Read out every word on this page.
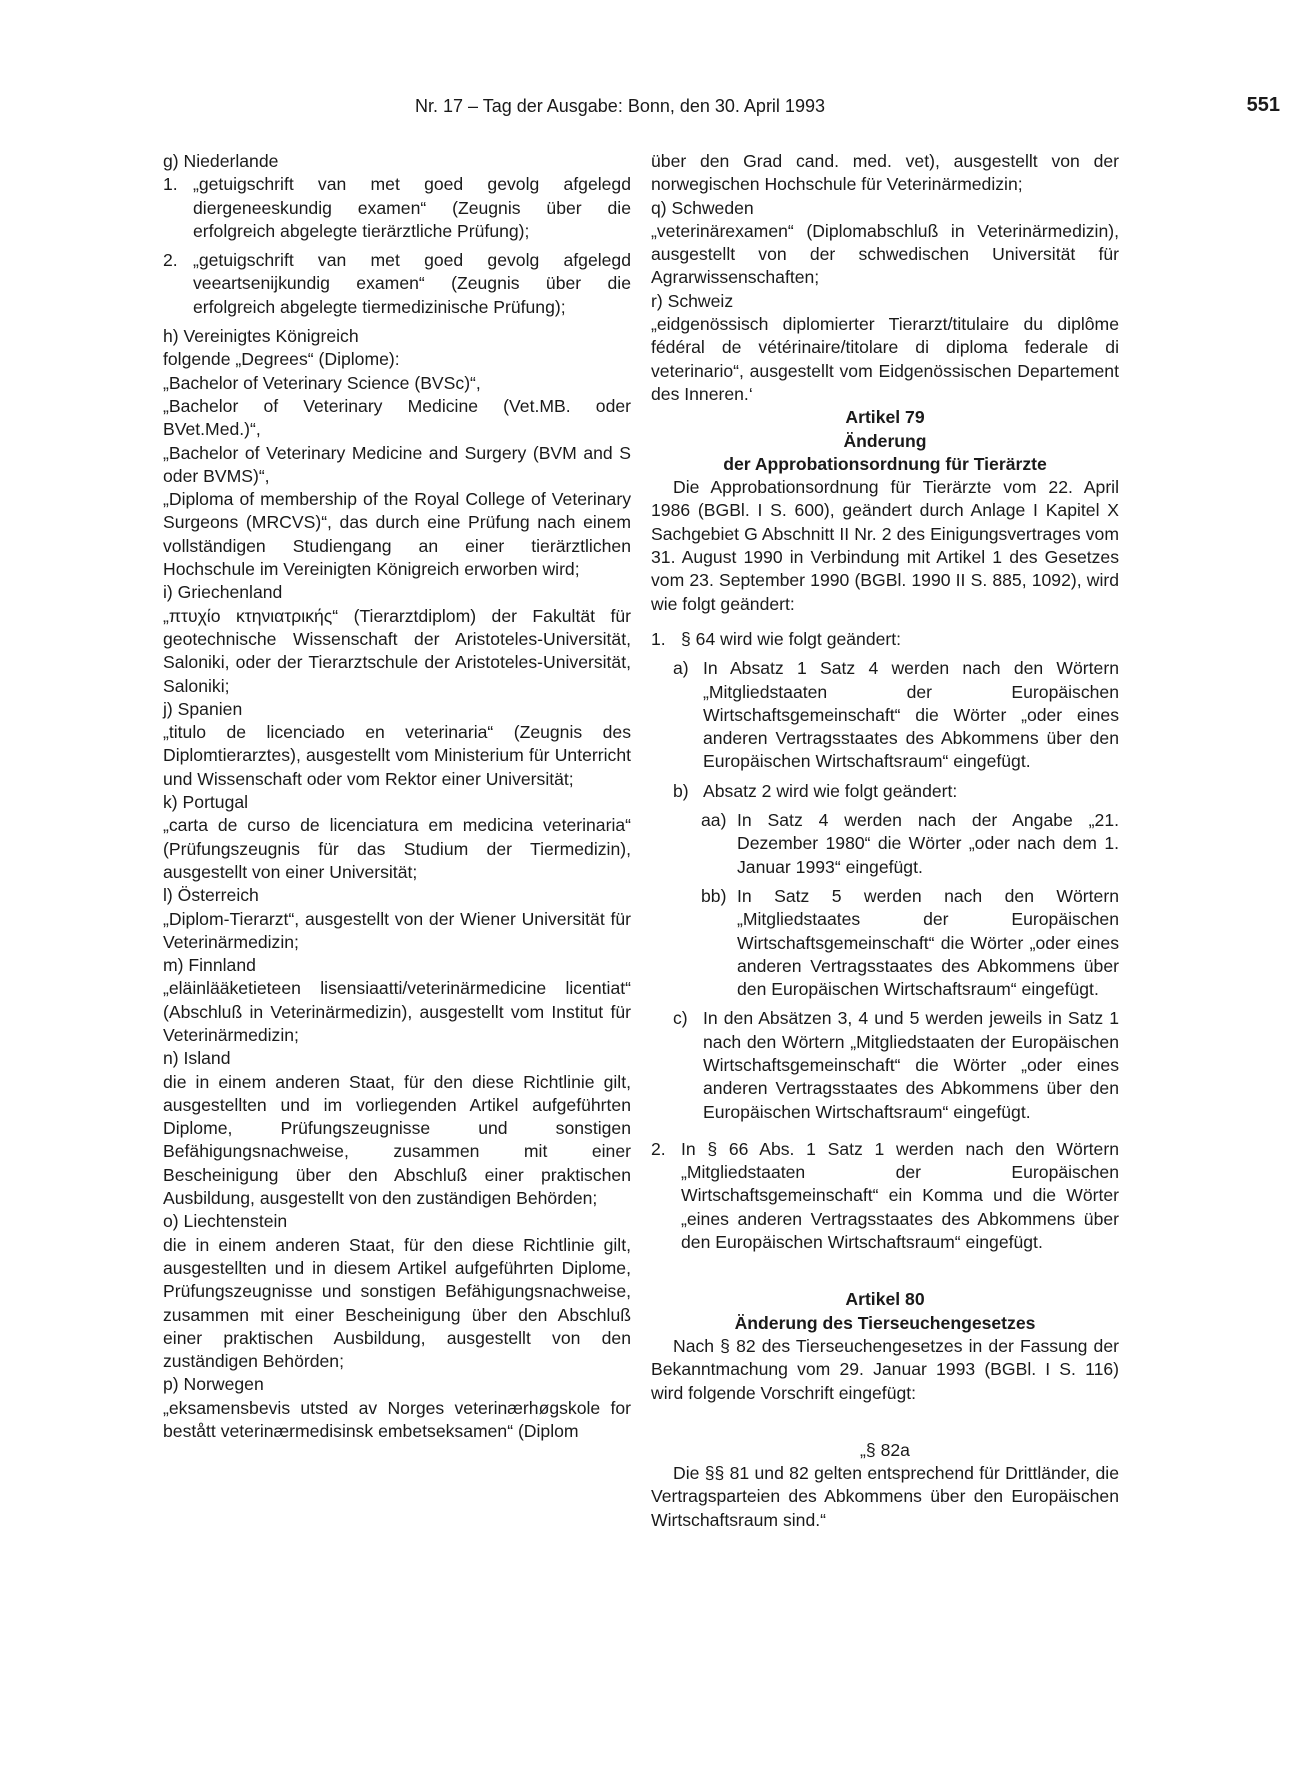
Nr. 17 – Tag der Ausgabe: Bonn, den 30. April 1993	551

g) Niederlande

1. „getuigschrift van met goed gevolg afgelegd diergeneeskundig examen“ (Zeugnis über die erfolgreich abgelegte tierärztliche Prüfung);
2. „getuigschrift van met goed gevolg afgelegd veeartsenijkundig examen“ (Zeugnis über die erfolgreich abgelegte tiermedizinische Prüfung);

h) Vereinigtes Königreich

folgende „Degrees“ (Diplome):

„Bachelor of Veterinary Science (BVSc)“,

„Bachelor of Veterinary Medicine (Vet.MB. oder BVet.Med.)“,

„Bachelor of Veterinary Medicine and Surgery (BVM and S oder BVMS)“,

„Diploma of membership of the Royal College of Veterinary Surgeons (MRCVS)“, das durch eine Prüfung nach einem vollständigen Studiengang an einer tierärztlichen Hochschule im Vereinigten Königreich erworben wird;

i) Griechenland

„πτυχίο κτηνιατρικής“ (Tierarztdiplom) der Fakultät für geotechnische Wissenschaft der Aristoteles-Universität, Saloniki, oder der Tierarztschule der Aristoteles-Universität, Saloniki;

j) Spanien

„titulo de licenciado en veterinaria“ (Zeugnis des Diplomtierarztes), ausgestellt vom Ministerium für Unterricht und Wissenschaft oder vom Rektor einer Universität;

k) Portugal

„carta de curso de licenciatura em medicina veterinaria“ (Prüfungszeugnis für das Studium der Tiermedizin), ausgestellt von einer Universität;

l) Österreich

„Diplom-Tierarzt“, ausgestellt von der Wiener Universität für Veterinärmedizin;

m) Finnland

„eläinlääketieteen lisensiaatti/veterinärmedicine licentiat“ (Abschluß in Veterinärmedizin), ausgestellt vom Institut für Veterinärmedizin;

n) Island

die in einem anderen Staat, für den diese Richtlinie gilt, ausgestellten und im vorliegenden Artikel aufgeführten Diplome, Prüfungszeugnisse und sonstigen Befähigungsnachweise, zusammen mit einer Bescheinigung über den Abschluß einer praktischen Ausbildung, ausgestellt von den zuständigen Behörden;

o) Liechtenstein

die in einem anderen Staat, für den diese Richtlinie gilt, ausgestellten und in diesem Artikel aufgeführten Diplome, Prüfungszeugnisse und sonstigen Befähigungsnachweise, zusammen mit einer Bescheinigung über den Abschluß einer praktischen Ausbildung, ausgestellt von den zuständigen Behörden;

p) Norwegen

„eksamensbevis utsted av Norges veterinærhøgskole for bestått veterinærmedisinsk embetseksamen“ (Diplom

über den Grad cand. med. vet), ausgestellt von der norwegischen Hochschule für Veterinärmedizin;

q) Schweden

„veterinärexamen“ (Diplomabschluß in Veterinärmedizin), ausgestellt von der schwedischen Universität für Agrarwissenschaften;

r) Schweiz

„eidgenössisch diplomierter Tierarzt/titulaire du diplôme fédéral de vétérinaire/titolare di diploma federale di veterinario“, ausgestellt vom Eidgenössischen Departement des Inneren.‘

Artikel 79

Änderung

der Approbationsordnung für Tierärzte

Die Approbationsordnung für Tierärzte vom 22. April 1986 (BGBl. I S. 600), geändert durch Anlage I Kapitel X Sachgebiet G Abschnitt II Nr. 2 des Einigungsvertrages vom 31. August 1990 in Verbindung mit Artikel 1 des Gesetzes vom 23. September 1990 (BGBl. 1990 II S. 885, 1092), wird wie folgt geändert:

1. § 64 wird wie folgt geändert:
a) In Absatz 1 Satz 4 werden nach den Wörtern „Mitgliedstaaten der Europäischen Wirtschaftsgemeinschaft“ die Wörter „oder eines anderen Vertragsstaates des Abkommens über den Europäischen Wirtschaftsraum“ eingefügt.
b) Absatz 2 wird wie folgt geändert:
aa) In Satz 4 werden nach der Angabe „21. Dezember 1980“ die Wörter „oder nach dem 1. Januar 1993“ eingefügt.
bb) In Satz 5 werden nach den Wörtern „Mitgliedstaates der Europäischen Wirtschaftsgemeinschaft“ die Wörter „oder eines anderen Vertragsstaates des Abkommens über den Europäischen Wirtschaftsraum“ eingefügt.
c) In den Absätzen 3, 4 und 5 werden jeweils in Satz 1 nach den Wörtern „Mitgliedstaaten der Europäischen Wirtschaftsgemeinschaft“ die Wörter „oder eines anderen Vertragsstaates des Abkommens über den Europäischen Wirtschaftsraum“ eingefügt.
2. In § 66 Abs. 1 Satz 1 werden nach den Wörtern „Mitgliedstaaten der Europäischen Wirtschaftsgemeinschaft“ ein Komma und die Wörter „eines anderen Vertragsstaates des Abkommens über den Europäischen Wirtschaftsraum“ eingefügt.

Artikel 80

Änderung des Tierseuchengesetzes

Nach § 82 des Tierseuchengesetzes in der Fassung der Bekanntmachung vom 29. Januar 1993 (BGBl. I S. 116) wird folgende Vorschrift eingefügt:

„§ 82a

Die §§ 81 und 82 gelten entsprechend für Drittländer, die Vertragsparteien des Abkommens über den Europäischen Wirtschaftsraum sind.“
